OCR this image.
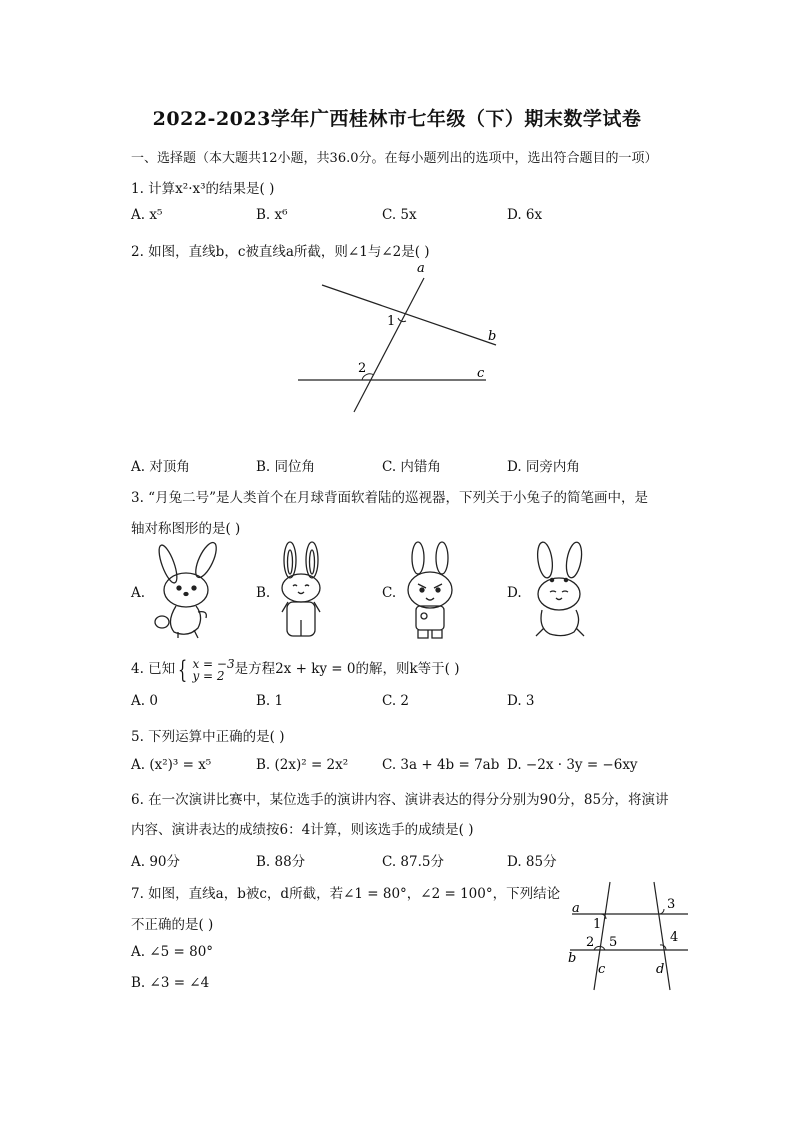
2022-2023学年广西桂林市七年级（下）期末数学试卷
一、选择题（本大题共12小题，共36.0分。在每小题列出的选项中，选出符合题目的一项）
1. 计算x²·x³的结果是( )
A. x⁵	B. x⁶	C. 5x	D. 6x
2. 如图，直线b，c被直线a所截，则∠1与∠2是( )
a
b
c
1
2
A. 对顶角	B. 同位角	C. 内错角	D. 同旁内角
3. “月兔二号”是人类首个在月球背面软着陆的巡视器，下列关于小兔子的简笔画中，是
轴对称图形的是( )
A.	B.	C.	D.
4. 已知 { x = −3
y = 2 是方程2x + ky = 0的解，则k等于( )
A. 0	B. 1	C. 2	D. 3
5. 下列运算中正确的是( )
A. (x²)³ = x⁵	B. (2x)² = 2x²	C. 3a + 4b = 7ab D. −2x · 3y = −6xy
6. 在一次演讲比赛中，某位选手的演讲内容、演讲表达的得分分别为90分，85分，将演讲
内容、演讲表达的成绩按6：4计算，则该选手的成绩是( )
A. 90分	B. 88分	C. 87.5分	D. 85分
7. 如图，直线a，b被c，d所截，若∠1 = 80°，∠2 = 100°，下列结论
不正确的是( )
A. ∠5 = 80°
B. ∠3 = ∠4
a
b
c	d
1
2
3
4
5
